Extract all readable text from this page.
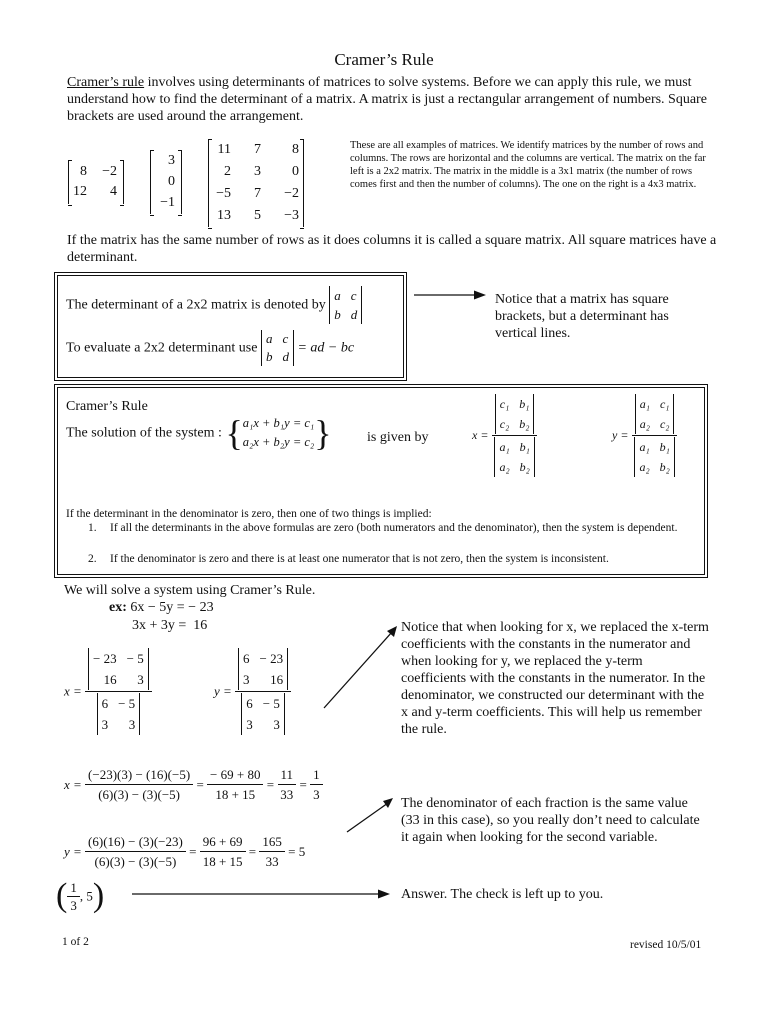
Cramer’s Rule
Cramer’s rule involves using determinants of matrices to solve systems. Before we can apply this rule, we must understand how to find the determinant of a matrix. A matrix is just a rectangular arrangement of numbers. Square brackets are used around the arrangement.
8	−2
12	4
3
0
−1
11	7	8
2	3	0
−5	7	−2
13	5	−3
These are all examples of matrices. We identify matrices by the number of rows and columns. The rows are horizontal and the columns are vertical. The matrix on the far left is a 2x2 matrix. The matrix in the middle is a 3x1 matrix (the number of rows comes first and then the number of columns). The one on the right is a 4x3 matrix.
If the matrix has the same number of rows as it does columns it is called a square matrix. All square matrices have a determinant.
The determinant of a 2x2 matrix is denoted by
a c
b d
To evaluate a 2x2 determinant use
a c
b d
= ad − bc
Notice that a matrix has square brackets, but a determinant has vertical lines.
Cramer’s Rule
The solution of the system : {a₁x + b₁y = c₁
a₂x + b₂y = c₂}	is given by	x = c₁ b₁
c₂ b₂
a₁ b₁
a₂ b₂	y = a₁ c₁
a₂ c₂
a₁ b₁
a₂ b₂
If the determinant in the denominator is zero, then one of two things is implied:
1. If all the determinants in the above formulas are zero (both numerators and the denominator), then the system is dependent.
2. If the denominator is zero and there is at least one numerator that is not zero, then the system is inconsistent.
We will solve a system using Cramer’s Rule.
ex: 6x − 5y = − 23
3x + 3y =  16
x = − 23 − 5
16	3
6 − 5
3	3	y = 6 − 23
3	16
6 − 5
3	3
Notice that when looking for x, we replaced the x-term coefficients with the constants in the numerator and when looking for y, we replaced the y-term coefficients with the constants in the numerator. In the denominator, we constructed our determinant with the x and y-term coefficients. This will help us remember the rule.
$x = \frac{(-23)(3) - (16)(-5)}{(6)(3) - (3)(-5)} = \frac{- 69 + 80}{18 + 15} = \frac{11}{33} = \frac{1}{3}$
$y = \frac{(6)(16) - (3)(-23)}{(6)(3) - (3)(-5)} = \frac{96 + 69}{18 + 15} = \frac{165}{33} = 5$
The denominator of each fraction is the same value (33 in this case), so you really don’t need to calculate it again when looking for the second variable.
( $\frac{1}{3}$ , 5)	Answer. The check is left up to you.
1 of 2	revised 10/5/01
